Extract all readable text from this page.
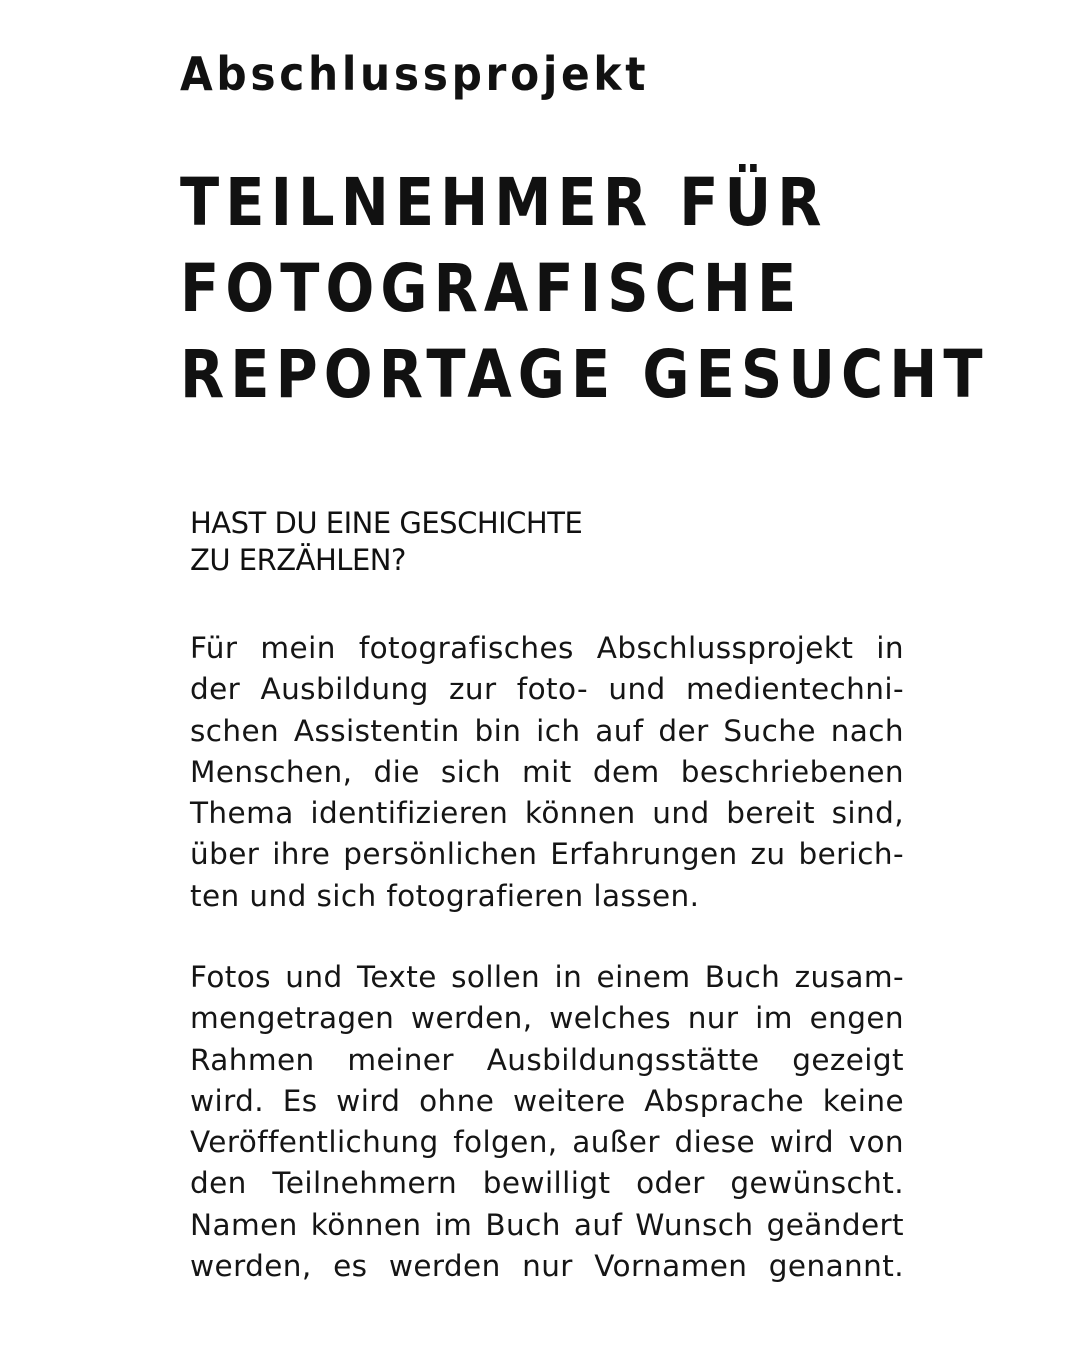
Abschlussprojekt
TEILNEHMER FÜR
FOTOGRAFISCHE
REPORTAGE GESUCHT
HAST DU EINE GESCHICHTE
ZU ERZÄHLEN?
Für mein fotografisches Abschlussprojekt in
der Ausbildung zur foto- und medientechni-
schen Assistentin bin ich auf der Suche nach
Menschen, die sich mit dem beschriebenen
Thema identifizieren können und bereit sind,
über ihre persönlichen Erfahrungen zu berich-
ten und sich fotografieren lassen.
Fotos und Texte sollen in einem Buch zusam-
mengetragen werden, welches nur im engen
Rahmen meiner Ausbildungsstätte gezeigt
wird. Es wird ohne weitere Absprache keine
Veröffentlichung folgen, außer diese wird von
den Teilnehmern bewilligt oder gewünscht.
Namen können im Buch auf Wunsch geändert
werden, es werden nur Vornamen genannt.
